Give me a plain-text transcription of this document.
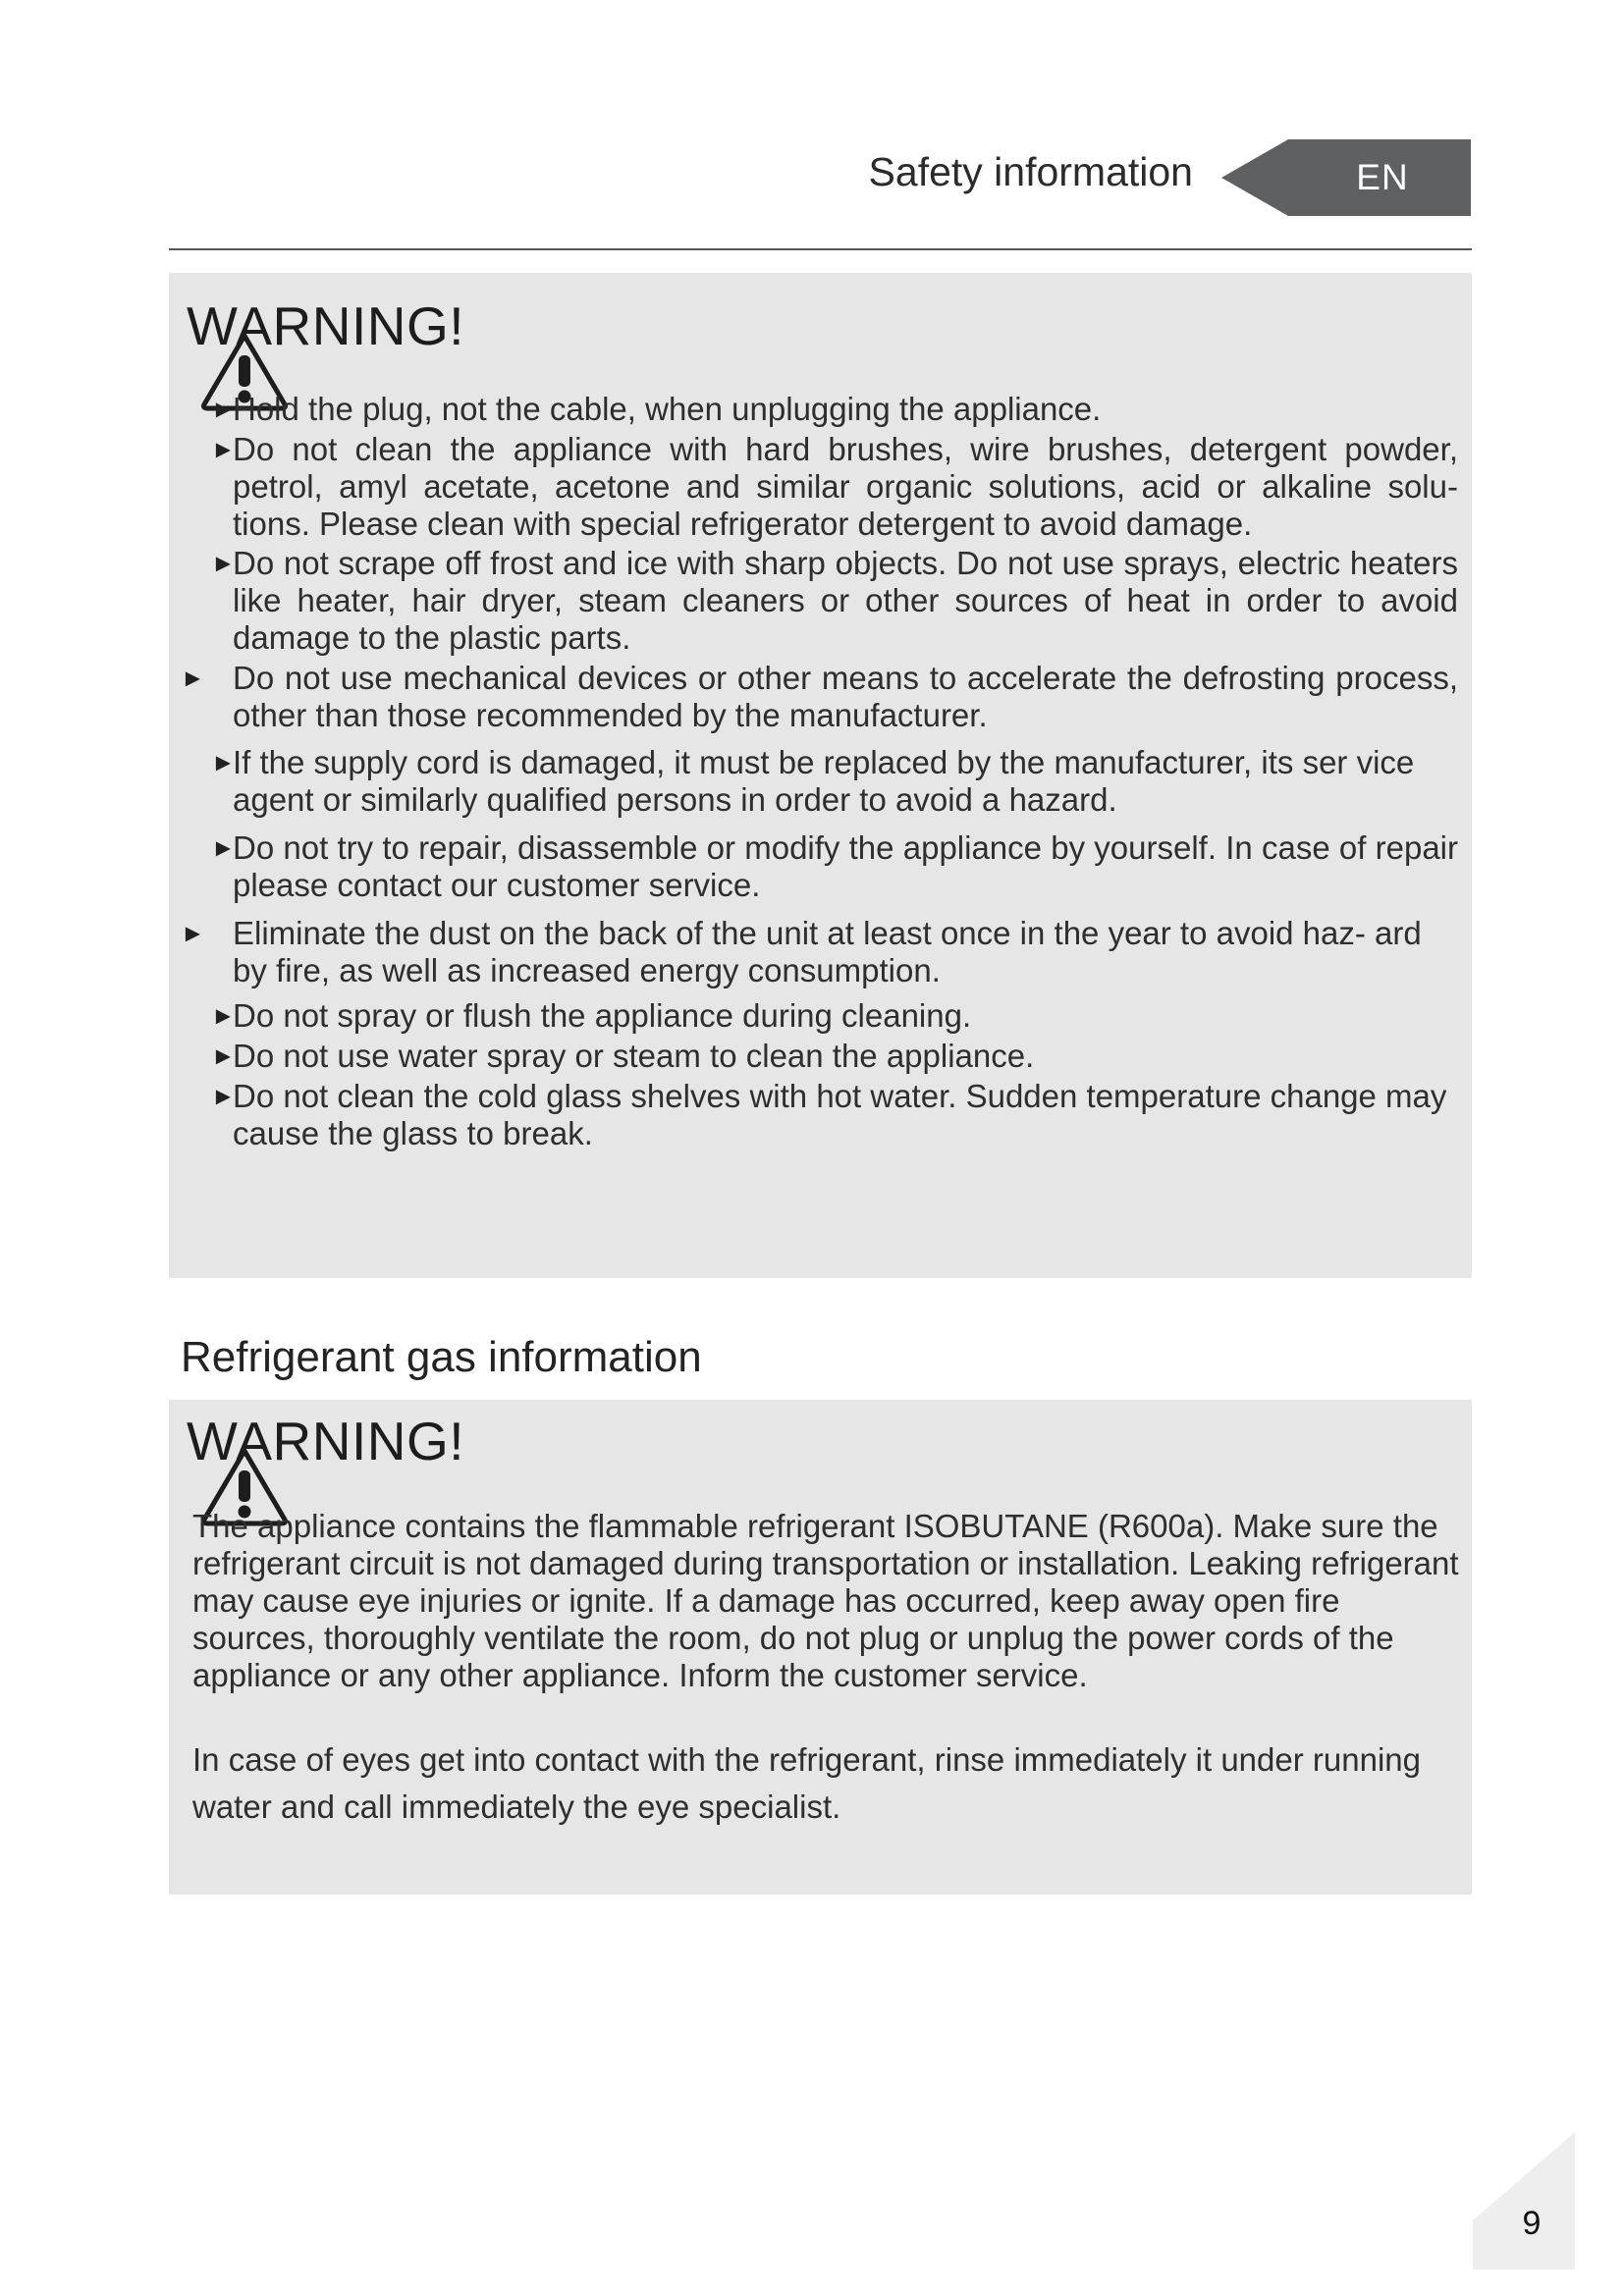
Safety information	EN
WARNING!
►
Hold the plug, not the cable, when unplugging the appliance.
►
Do not clean the appliance with hard brushes, wire brushes, detergent powder, petrol, amyl acetate, acetone and similar organic solutions, acid or alkaline solu- tions. Please clean with special refrigerator detergent to avoid damage.
►
Do not scrape off frost and ice with sharp objects. Do not use sprays, electric heaters like heater, hair dryer, steam cleaners or other sources of heat in order to avoid damage to the plastic parts.
► Do not use mechanical devices or other means to accelerate the defrosting process, other than those recommended by the manufacturer.
►
If the supply cord is damaged, it must be replaced by the manufacturer, its ser vice agent or similarly qualified persons in order to avoid a hazard.
►
Do not try to repair, disassemble or modify the appliance by yourself. In case of repair please contact our customer service.
► Eliminate the dust on the back of the unit at least once in the year to avoid haz- ard by fire, as well as increased energy consumption.
►
Do not spray or flush the appliance during cleaning.
►
Do not use water spray or steam to clean the appliance.
►
Do not clean the cold glass shelves with hot water. Sudden temperature change may cause the glass to break.
Refrigerant gas information
WARNING!
The appliance contains the flammable refrigerant ISOBUTANE (R600a). Make sure the refrigerant circuit is not damaged during transportation or installation. Leaking refrigerant may cause eye injuries or ignite. If a damage has occurred, keep away open fire sources, thoroughly ventilate the room, do not plug or unplug the power cords of the appliance or any other appliance. Inform the customer service.
In case of eyes get into contact with the refrigerant, rinse immediately it under running water and call immediately the eye specialist.
9
